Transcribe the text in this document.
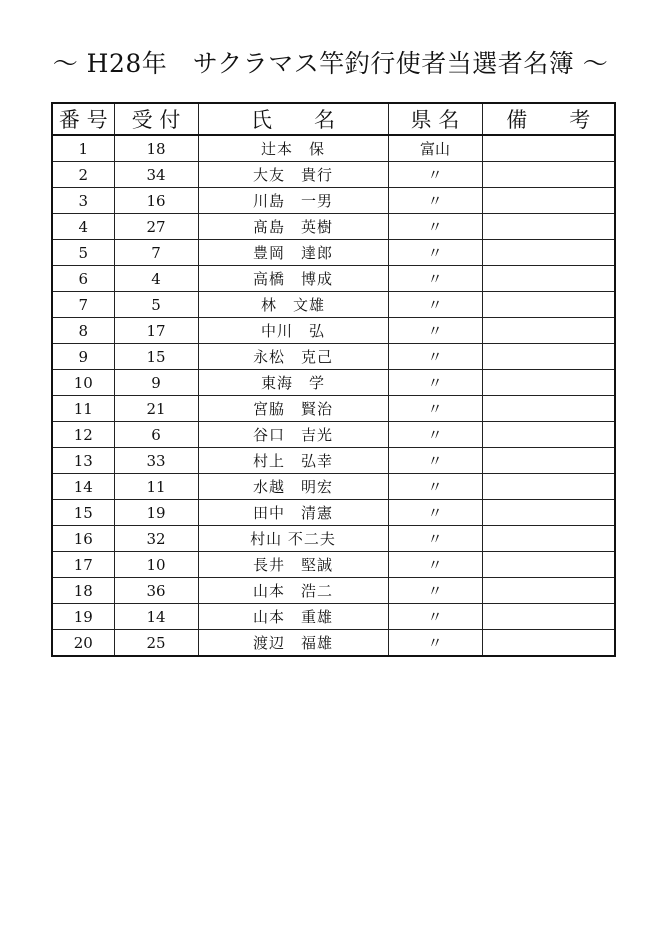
～ H28年　サクラマス竿釣行使者当選者名簿 ～
番 号	受 付	氏　　名	県 名	備　　考
1	18	辻本　保	富山	
2	34	大友　貴行	〃	
3	16	川島　一男	〃	
4	27	髙島　英樹	〃	
5	7	豊岡　達郎	〃	
6	4	高橋　博成	〃	
7	5	林　文雄	〃	
8	17	中川　弘	〃	
9	15	永松　克己	〃	
10	9	東海　学	〃	
11	21	宮脇　賢治	〃	
12	6	谷口　吉光	〃	
13	33	村上　弘幸	〃	
14	11	水越　明宏	〃	
15	19	田中　清憲	〃	
16	32	村山 不二夫	〃	
17	10	長井　堅誠	〃	
18	36	山本　浩二	〃	
19	14	山本　重雄	〃	
20	25	渡辺　福雄	〃	
